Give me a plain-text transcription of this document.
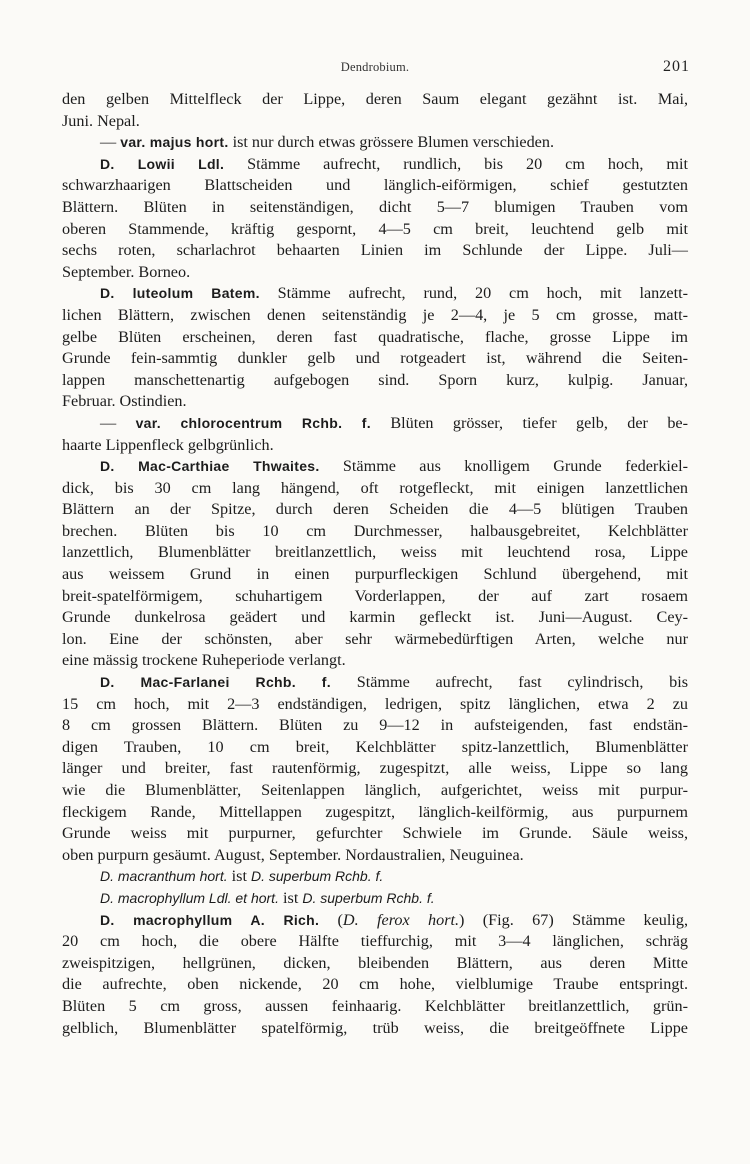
Dendrobium.	201
den gelben Mittelfleck der Lippe, deren Saum elegant gezähnt ist. Mai,
Juni. Nepal.
— var. majus hort. ist nur durch etwas grössere Blumen verschieden.
D. Lowii Ldl. Stämme aufrecht, rundlich, bis 20 cm hoch, mit
schwarzhaarigen Blattscheiden und länglich-eiförmigen, schief gestutzten
Blättern. Blüten in seitenständigen, dicht 5—7 blumigen Trauben vom
oberen Stammende, kräftig gespornt, 4—5 cm breit, leuchtend gelb mit
sechs roten, scharlachrot behaarten Linien im Schlunde der Lippe. Juli—
September. Borneo.
D. luteolum Batem. Stämme aufrecht, rund, 20 cm hoch, mit lanzett-
lichen Blättern, zwischen denen seitenständig je 2—4, je 5 cm grosse, matt-
gelbe Blüten erscheinen, deren fast quadratische, flache, grosse Lippe im
Grunde fein-sammtig dunkler gelb und rotgeadert ist, während die Seiten-
lappen manschettenartig aufgebogen sind. Sporn kurz, kulpig. Januar,
Februar. Ostindien.
— var. chlorocentrum Rchb. f. Blüten grösser, tiefer gelb, der be-
haarte Lippenfleck gelbgrünlich.
D. Mac-Carthiae Thwaites. Stämme aus knolligem Grunde federkiel-
dick, bis 30 cm lang hängend, oft rotgefleckt, mit einigen lanzettlichen
Blättern an der Spitze, durch deren Scheiden die 4—5 blütigen Trauben
brechen. Blüten bis 10 cm Durchmesser, halbausgebreitet, Kelchblätter
lanzettlich, Blumenblätter breitlanzettlich, weiss mit leuchtend rosa, Lippe
aus weissem Grund in einen purpurfleckigen Schlund übergehend, mit
breit-spatelförmigem, schuhartigem Vorderlappen, der auf zart rosaem
Grunde dunkelrosa geädert und karmin gefleckt ist. Juni—August. Cey-
lon. Eine der schönsten, aber sehr wärmebedürftigen Arten, welche nur
eine mässig trockene Ruheperiode verlangt.
D. Mac-Farlanei Rchb. f. Stämme aufrecht, fast cylindrisch, bis
15 cm hoch, mit 2—3 endständigen, ledrigen, spitz länglichen, etwa 2 zu
8 cm grossen Blättern. Blüten zu 9—12 in aufsteigenden, fast endstän-
digen Trauben, 10 cm breit, Kelchblätter spitz-lanzettlich, Blumenblätter
länger und breiter, fast rautenförmig, zugespitzt, alle weiss, Lippe so lang
wie die Blumenblätter, Seitenlappen länglich, aufgerichtet, weiss mit purpur-
fleckigem Rande, Mittellappen zugespitzt, länglich-keilförmig, aus purpurnem
Grunde weiss mit purpurner, gefurchter Schwiele im Grunde. Säule weiss,
oben purpurn gesäumt. August, September. Nordaustralien, Neuguinea.
D. macranthum hort. ist D. superbum Rchb. f.
D. macrophyllum Ldl. et hort. ist D. superbum Rchb. f.
D. macrophyllum A. Rich. (D. ferox hort.) (Fig. 67) Stämme keulig,
20 cm hoch, die obere Hälfte tieffurchig, mit 3—4 länglichen, schräg
zweispitzigen, hellgrünen, dicken, bleibenden Blättern, aus deren Mitte
die aufrechte, oben nickende, 20 cm hohe, vielblumige Traube entspringt.
Blüten 5 cm gross, aussen feinhaarig. Kelchblätter breitlanzettlich, grün-
gelblich, Blumenblätter spatelförmig, trüb weiss, die breitgeöffnete Lippe
